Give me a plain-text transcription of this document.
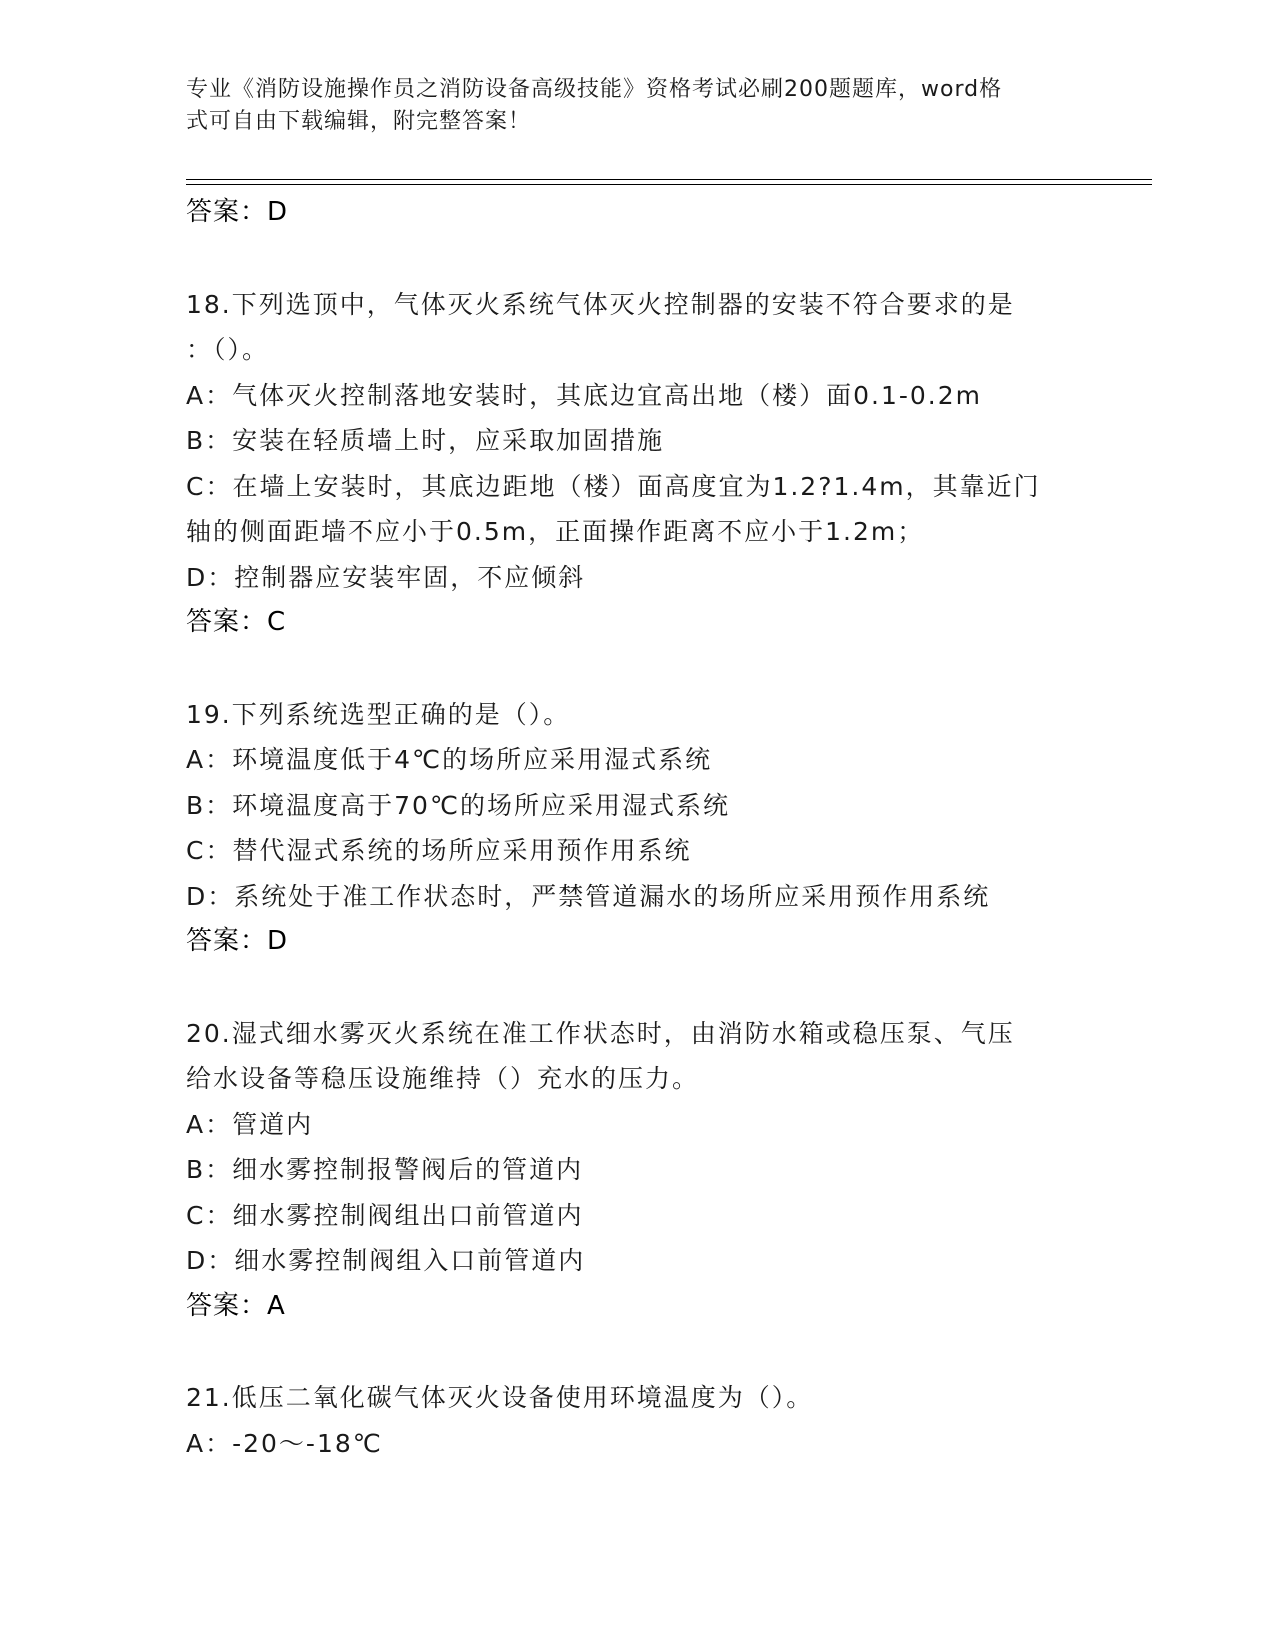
专业《消防设施操作员之消防设备高级技能》资格考试必刷200题题库，word格
式可自由下载编辑，附完整答案！
答案：D
18.下列选顶中，气体灭火系统气体灭火控制器的安装不符合要求的是
：（）。
A：气体灭火控制落地安装时，其底边宜高出地（楼）面0.1-0.2m
B：安装在轻质墙上时，应采取加固措施
C：在墙上安装时，其底边距地（楼）面高度宜为1.2?1.4m，其靠近门
轴的侧面距墙不应小于0.5m，正面操作距离不应小于1.2m；
D：控制器应安装牢固，不应倾斜
答案：C
19.下列系统选型正确的是（）。
A：环境温度低于4℃的场所应采用湿式系统
B：环境温度高于70℃的场所应采用湿式系统
C：替代湿式系统的场所应采用预作用系统
D：系统处于准工作状态时，严禁管道漏水的场所应采用预作用系统
答案：D
20.湿式细水雾灭火系统在准工作状态时，由消防水箱或稳压泵、气压
给水设备等稳压设施维持（）充水的压力。
A：管道内
B：细水雾控制报警阀后的管道内
C：细水雾控制阀组出口前管道内
D：细水雾控制阀组入口前管道内
答案：A
21.低压二氧化碳气体灭火设备使用环境温度为（）。
A：-20～-18℃
